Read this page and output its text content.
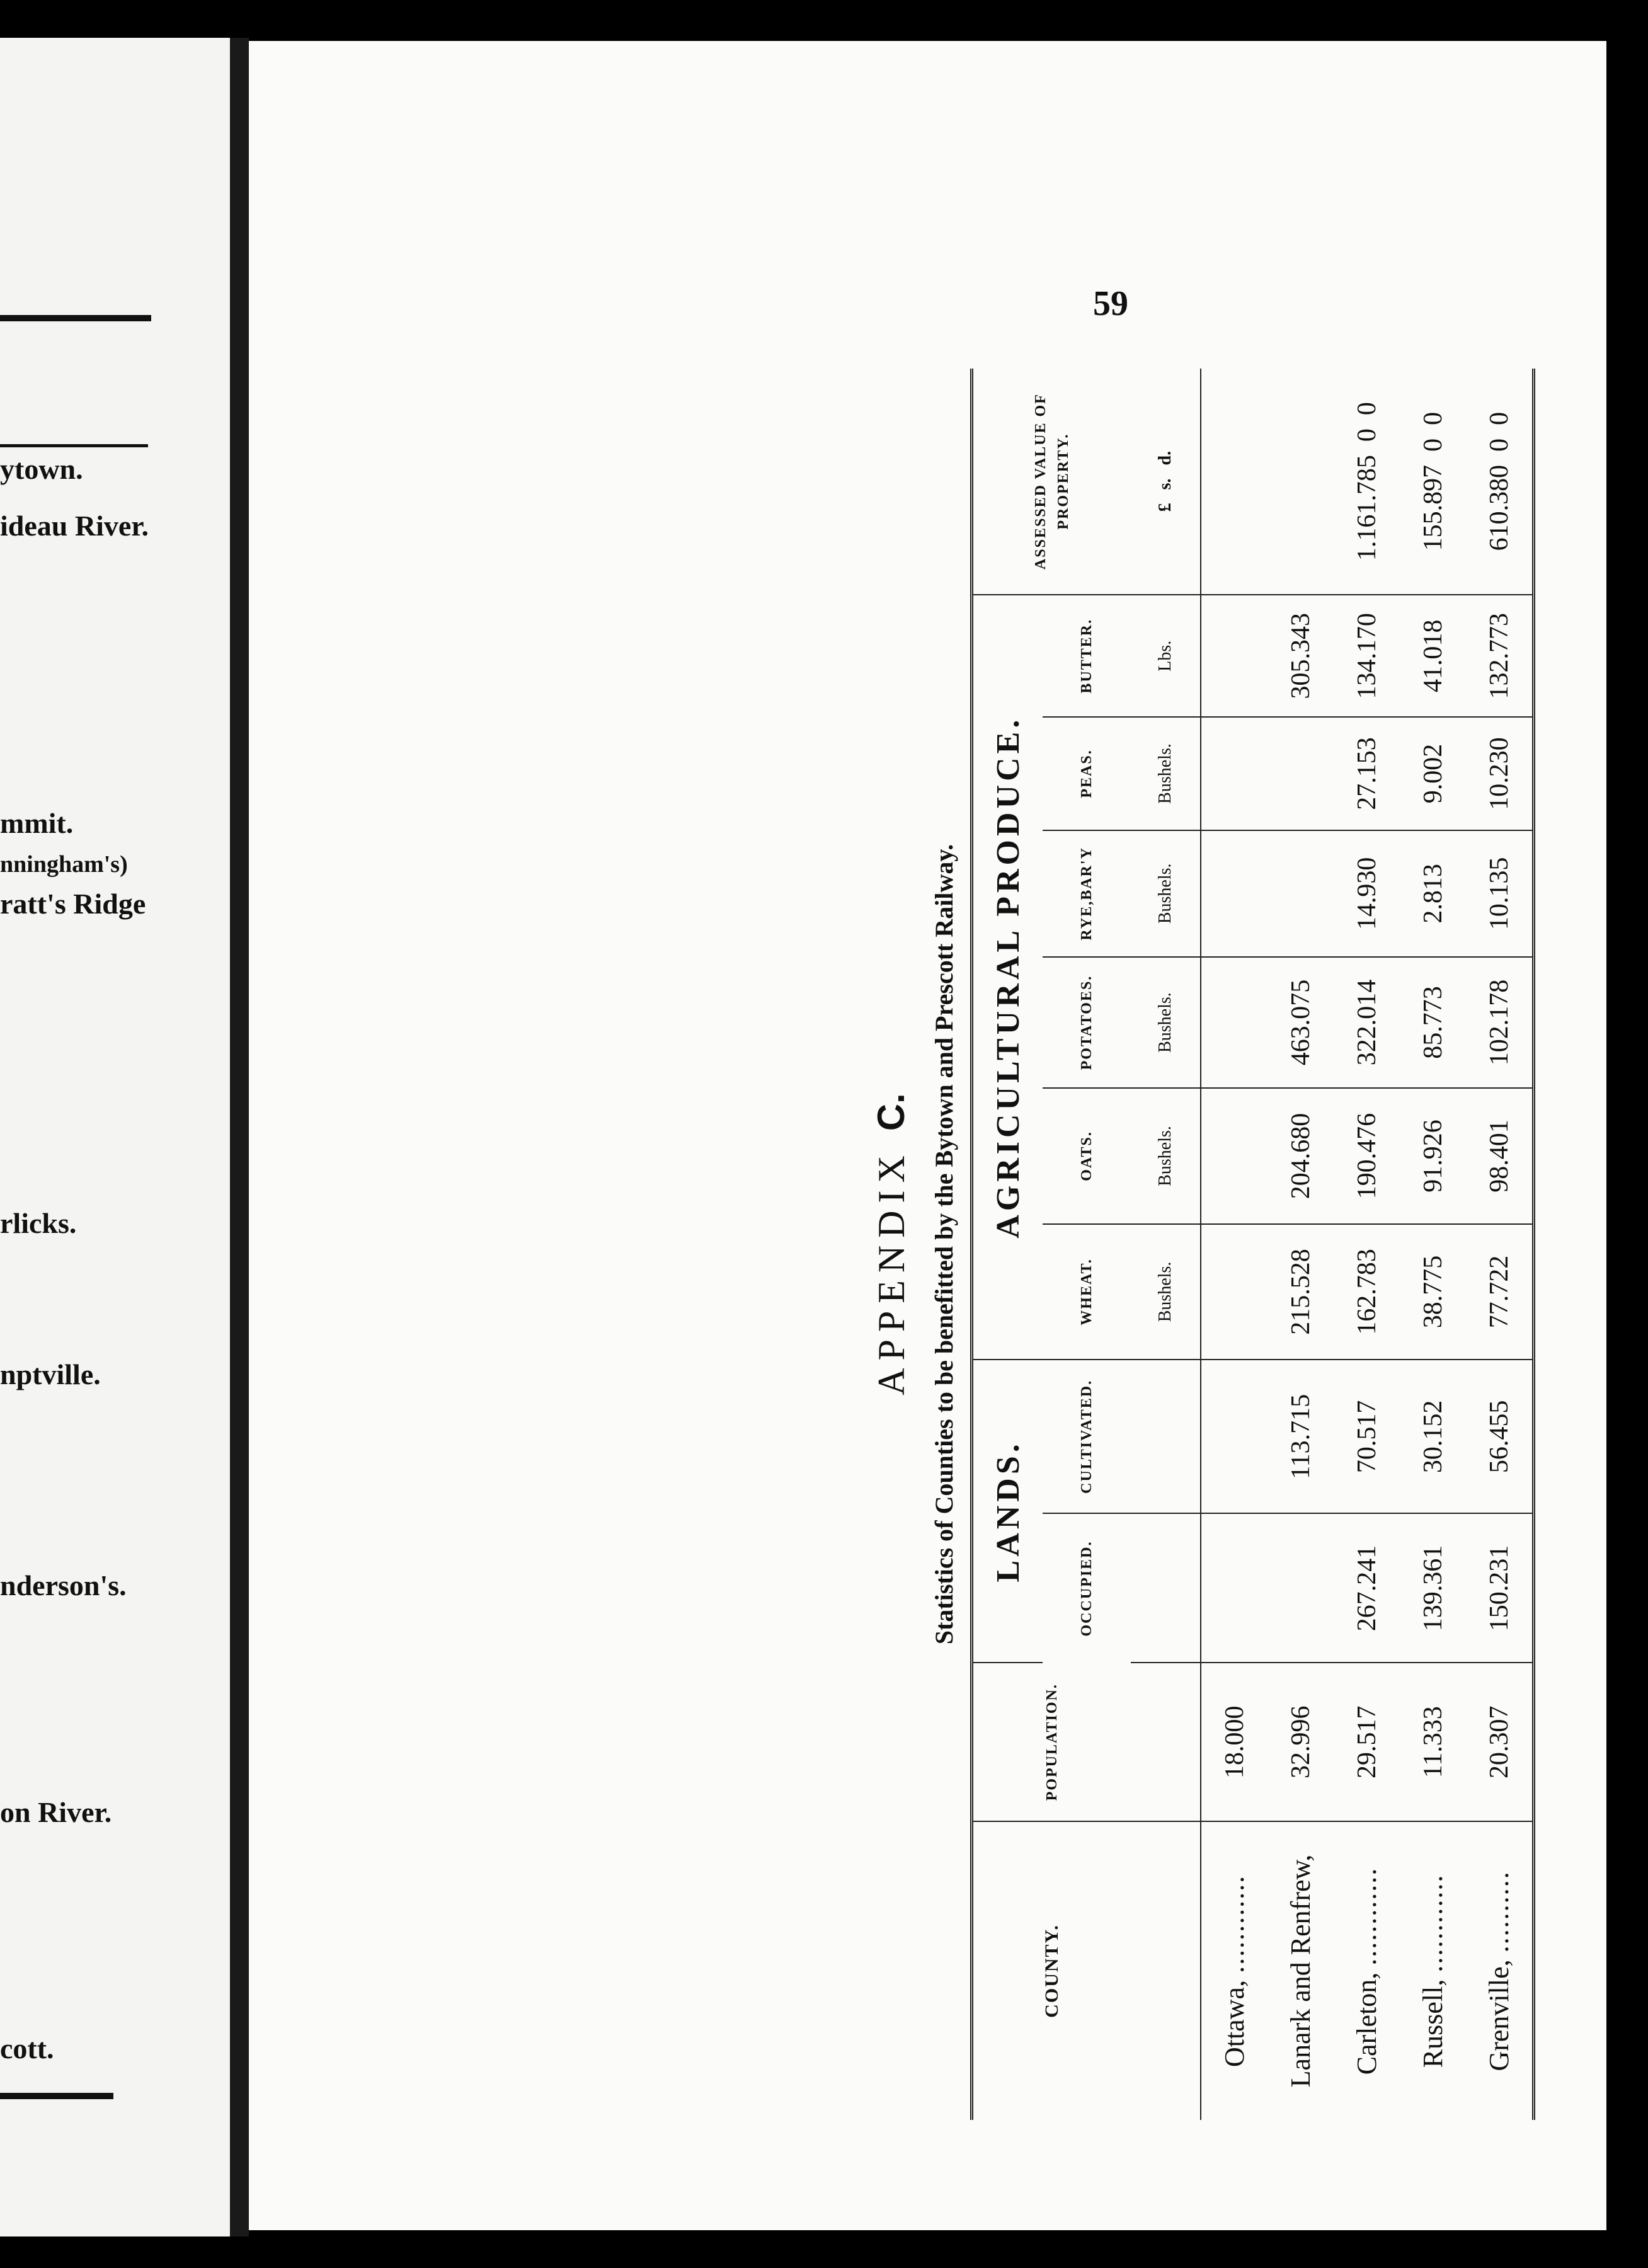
ytown.
ideau River.
mmit.
nningham's)
ratt's Ridge
rlicks.
nptville.
nderson's.
on River.
cott.
59
APPENDIX C. Statistics of Counties to be benefitted by the Bytown and Prescott Railway.
COUNTY.	POPULATION.	LANDS.		AGRICULTURAL PRODUCE.						ASSESSED VALUE OF PROPERTY.
		OCCUPIED.	CULTIVATED.	WHEAT.	OATS.	POTATOES.	RYE,BAR'Y	PEAS.	BUTTER.	
				Bushels.	Bushels.	Bushels.	Bushels.	Bushels.	Lbs.	£   s.   d.
Ottawa, ............	18.000									
Lanark and Renfrew,	32.996		113.715	215.528	204.680	463.075			305.343	
Carleton, ............	29.517	267.241	70.517	162.783	190.476	322.014	14.930	27.153	134.170	1.161.785  0  0
Russell, ............	11.333	139.361	30.152	38.775	91.926	85.773	2.813	9.002	41.018	155.897  0  0
Grenville, ..........	20.307	150.231	56.455	77.722	98.401	102.178	10.135	10.230	132.773	610.380  0  0
